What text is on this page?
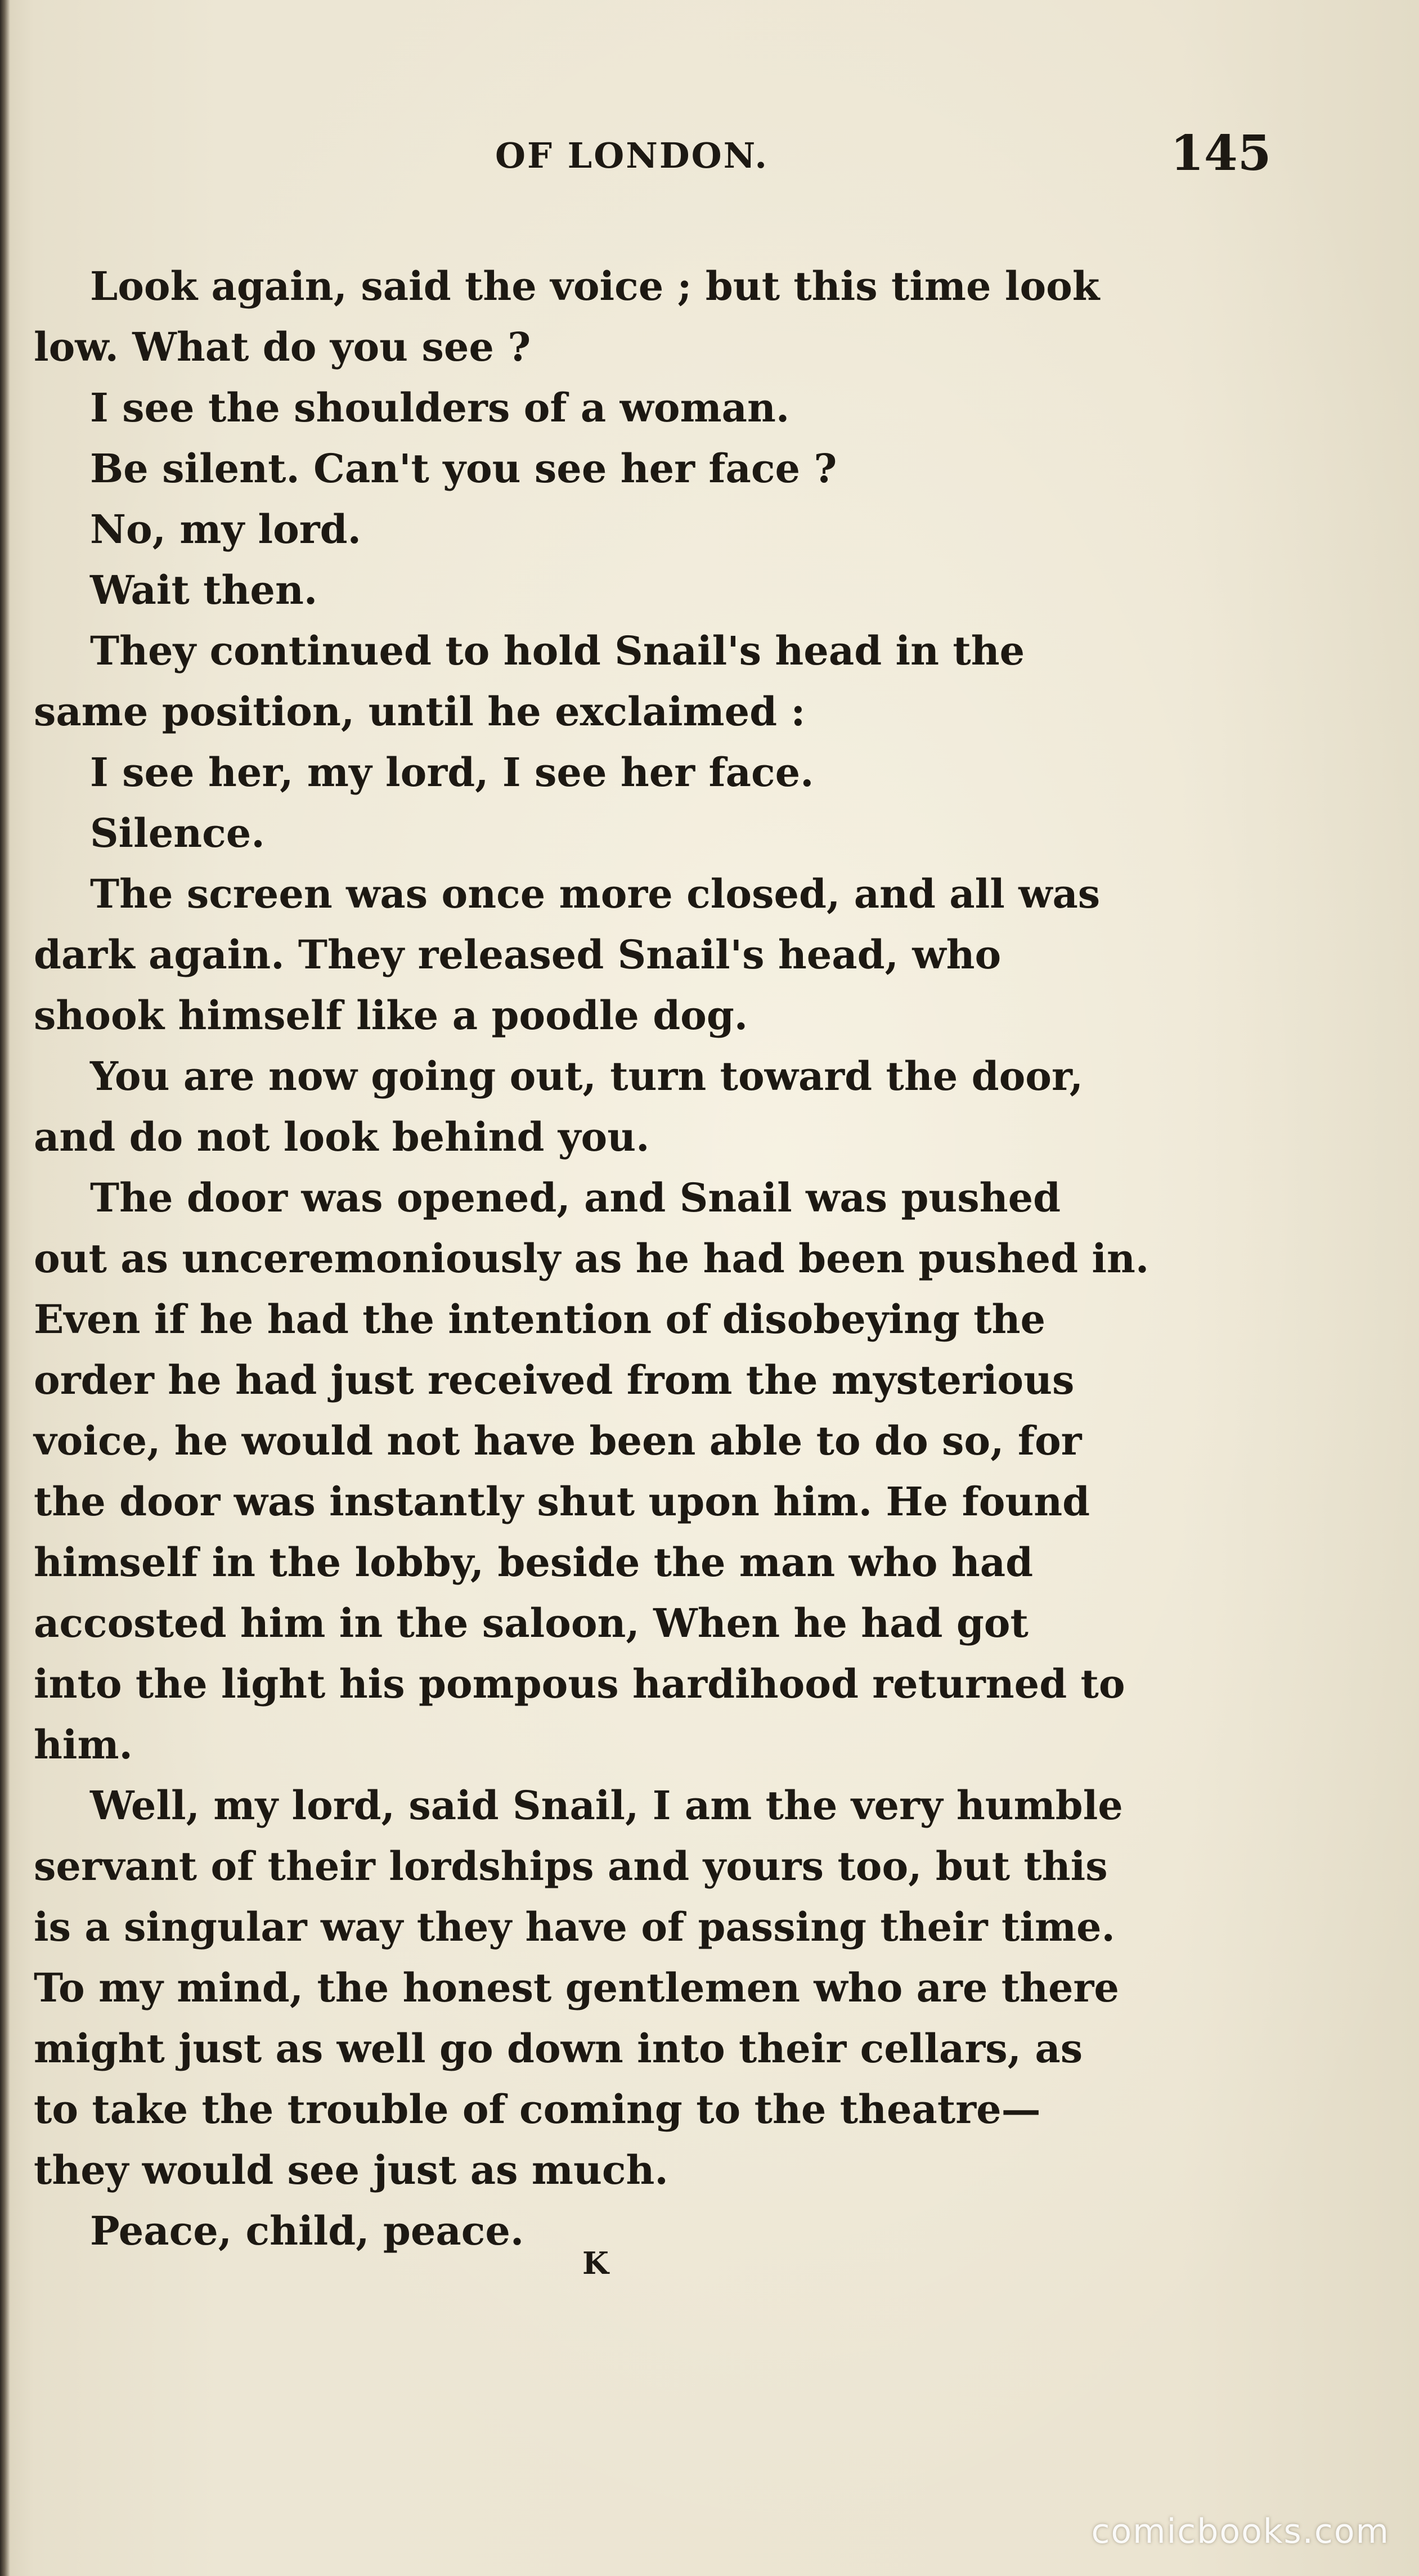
OF LONDON.	145
Look again, said the voice ; but this time look
low. What do you see ?
I see the shoulders of a woman.
Be silent. Can't you see her face ?
No, my lord.
Wait then.
They continued to hold Snail's head in the
same position, until he exclaimed :
I see her, my lord, I see her face.
Silence.
The screen was once more closed, and all was
dark again. They released Snail's head, who
shook himself like a poodle dog.
You are now going out, turn toward the door,
and do not look behind you.
The door was opened, and Snail was pushed
out as unceremoniously as he had been pushed in.
Even if he had the intention of disobeying the
order he had just received from the mysterious
voice, he would not have been able to do so, for
the door was instantly shut upon him. He found
himself in the lobby, beside the man who had
accosted him in the saloon, When he had got
into the light his pompous hardihood returned to
him.
Well, my lord, said Snail, I am the very humble
servant of their lordships and yours too, but this
is a singular way they have of passing their time.
To my mind, the honest gentlemen who are there
might just as well go down into their cellars, as
to take the trouble of coming to the theatre—
they would see just as much.
Peace, child, peace.
K
comicbooks.com
